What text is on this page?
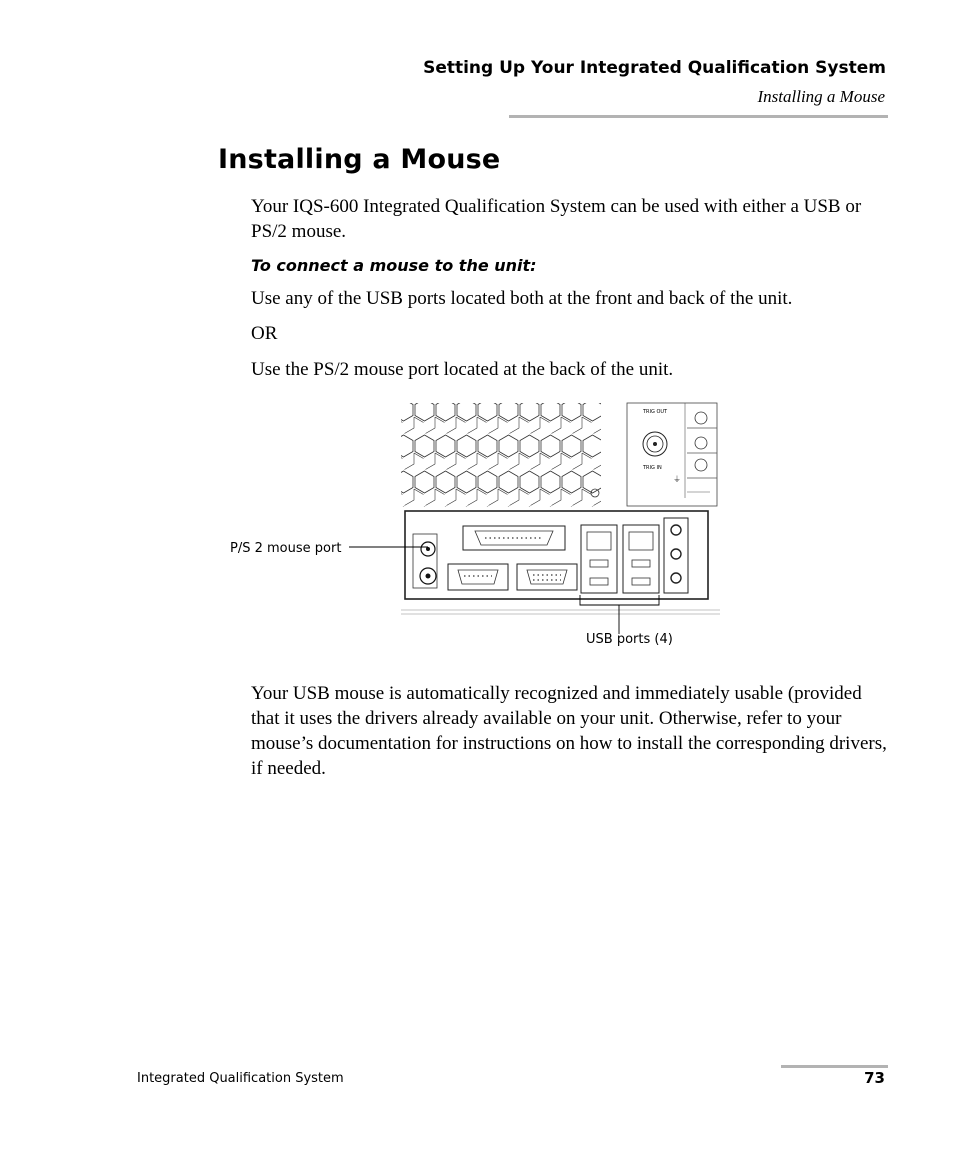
Setting Up Your Integrated Qualification System
Installing a Mouse
Installing a Mouse

Your IQS-600 Integrated Qualification System can be used with either a USB or PS/2 mouse.

To connect a mouse to the unit:

Use any of the USB ports located both at the front and back of the unit.

OR

Use the PS/2 mouse port located at the back of the unit.

TRIG OUT
TRIG IN
⏚
P/S 2 mouse port
USB ports (4)

Your USB mouse is automatically recognized and immediately usable (provided that it uses the drivers already available on your unit. Otherwise, refer to your mouse’s documentation for instructions on how to install the corresponding drivers, if needed.

Integrated Qualification System	73
